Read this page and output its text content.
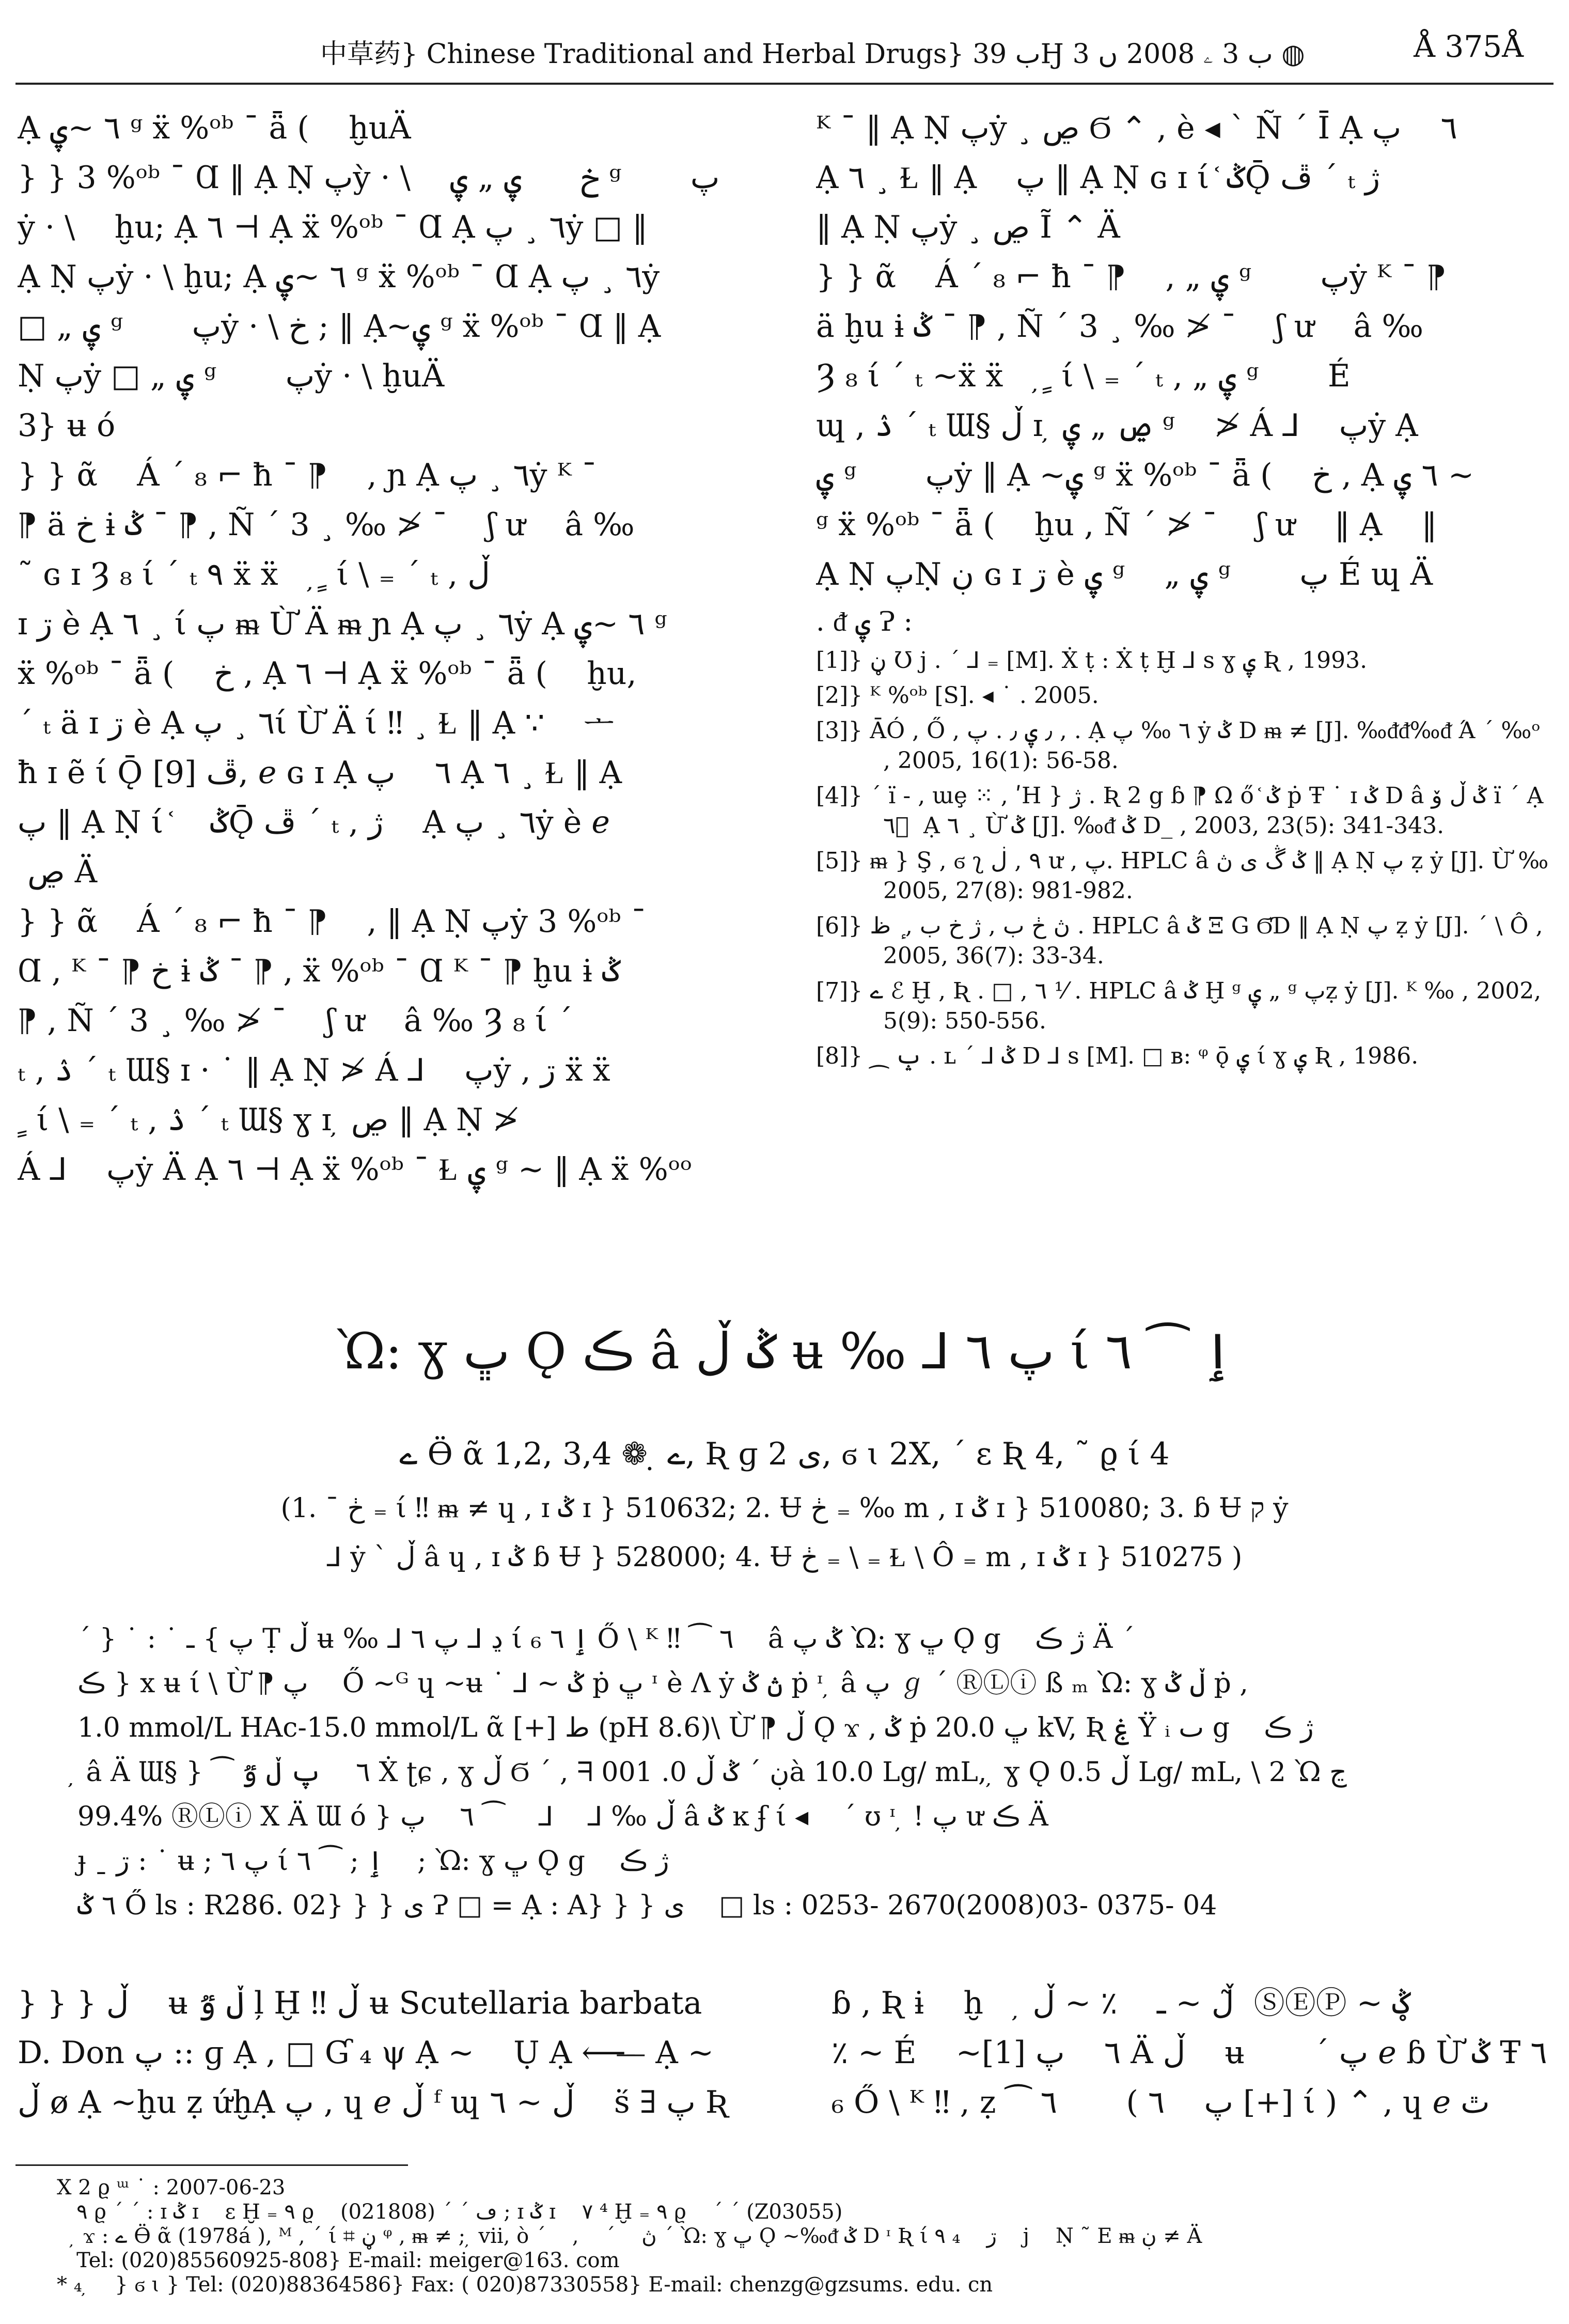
中草药} Chinese Traditional and Herbal Drugs} ب 39Ӈ ب 3 ۦ 2008 ں 3 ◍	Å 375Å

Ạ ٦ ~ۑ ᵍ ẍ %ᵒᵇ ¯ ǟ (    ḫuÄ

} } 3 %ᵒᵇ ¯ Ɑ ‖ Ạ Ṇ پỳ · \    خ      ۑ „ ۑ ᵍ       پ

ẏ · \    ḫu; Ạ ٦ ⊣ Ạ ẍ %ᵒᵇ ¯ Ɑ Ạ ٦ ¸ پẏ □ ‖

Ạ Ṇ پẏ · \ ḫu; Ạ ٦ ~ۑ ᵍ ẍ %ᵒᵇ ¯ Ɑ Ạ ٦ ¸ پẏ

□ „ ۑ ᵍ       پẏ · \ خ ; ‖ Ạ~ۑ ᵍ ẍ %ᵒᵇ ¯ Ɑ ‖ Ạ

Ṇ پẏ □ „ ۑ ᵍ       پẏ · \ ḫuÄ

3} ʉ ó

} } ᾶ    Á ´ ₈ ⌐ ħ ¯ ⁋    , ɲ Ạ ٦ ¸ پẏ ᴷ ¯

⁋ ä خ ɨ ݣ ¯ ⁋ , Ñ ´ 3 ¸ ‰ ≯ ¯    ʃ ư    â ‰

˜ ɢ ɪ Ȝ ₈ ί ΄ ₜ ٩ ẍ ẍ    ̦ ٍ ί \ ₌ ΄ ₜ , ڵ

ɪ ڗ è Ạ ٦ ¸ ί پ ᵯ Ừ Ä ᵯ ɲ Ạ ٦ ¸ پẏ Ạ ٦ ~ۑ ᵍ

ẍ %ᵒᵇ ¯ ǟ (    خ , Ạ ٦ ⊣ Ạ ẍ %ᵒᵇ ¯ ǟ (    ḫu,

΄ ₜ ä ɪ ڗ è Ạ ٦ ¸ پί Ừ Ä ί ‼ ¸ Ɫ ‖ Ạ ∵    ᅩ

ħ ɪ ẽ ί Ǭ ڦ [9], ℯ ɢ ɪ Ạ ٦    پ Ạ ٦ ¸ Ɫ ‖ Ạ

پ ‖ Ạ Ṇ ί ᷾    ݣǬ ڦ ΄ ₜ , ژ    Ạ ٦ ¸ پẏ è ℯ

̦ ڝ Ä

} } ᾶ    Á ´ ₈ ⌐ ħ ¯ ⁋    , ‖ Ạ Ṇ پẏ 3 %ᵒᵇ ¯

Ɑ , ᴷ ¯ ⁋ خ ɨ ݣ ¯ ⁋ , ẍ %ᵒᵇ ¯ Ɑ ᴷ ¯ ⁋ ḫu ɨ ݣ

⁋ , Ñ ´ 3 ¸ ‰ ≯ ¯    ʃ ư    â ‰ Ȝ ₈ ί ΄

ₜ , ۮ ΄ ₜ Ɯ§ ɪ · ˙ ‖ Ạ Ṇ ≯ Á ⅃    پẏ , ڗ ẍ ẍ

̦ ٍ ί \ ₌ ΄ ₜ , ۮ ΄ ₜ Ɯ§ ɣ ɪ ̦ ڝ ‖ Ạ Ṇ ≯

Á ⅃    پẏ Ä Ạ ٦ ⊣ Ạ ẍ %ᵒᵇ ¯ Ɫ ۑ ᵍ ~ ‖ Ạ ẍ %ᵒᵒ

ᴷ ¯ ‖ Ạ Ṇ پẏ ¸ ڝ Ϭ ⌃ , è ◂ ˋ Ñ ´ Ῑ Ạ ٦    پ

Ạ ٦ ¸ Ɫ ‖ Ạ    پ ‖ Ạ Ṇ ɢ ɪ ί ᷾ ݣǬ ڦ ΄ ₜ ژ

‖ Ạ Ṇ پẏ ¸ ڝ Ĩ ⌃ Ä

} } ᾶ    Á ´ ₈ ⌐ ħ ¯ ⁋    , „ ۑ ᵍ       پẏ ᴷ ¯ ⁋

ä ḫu ɨ ݣ ¯ ⁋ , Ñ ´ 3 ¸ ‰ ≯ ¯    ʃ ư    â ‰

Ȝ ₈ ί ΄ ₜ ~ẍ ẍ    ̦ ٍ ί \ ₌ ΄ ₜ , „ ۑ ᵍ       É

ɰ , ۮ ΄ ₜ Ɯ§ ڵ ɪ ̦ ڝ „ ۑ ᵍ    ≯ Á ⅃    پẏ Ạ

ۑ ᵍ       پẏ ‖ Ạ ~ۑ ᵍ ẍ %ᵒᵇ ¯ ǟ (    خ , Ạ ٦ ۑ ~

ᵍ ẍ %ᵒᵇ ¯ ǟ (    ḫu , Ñ ´ ≯ ¯    ʃ ư    ‖ Ạ    ‖

Ạ Ṇ پṆ ڹ ɢ ɪ ڗ è ۑ ᵍ    „ ۑ ᵍ       پ É ɰ Ä

. ᵭ ۑ Ɂ :
[1]} ڼ Ʊ j . ΄ ⅃ ₌ [M]. Ẋ ṭ : Ẋ ṭ Ḫ ⅃ s ɣ ۑ Ʀ , 1993.
[2]} ᴷ %ᵒᵇ [S]. ◂ ˙ . 2005.
[3]} ᾹÓ , Ő , ٫ ۑ ٫ . پ , . Ạ ٦ ‰ پ ẏ ݣ D ᵯ ≠ [J]. ‰ᵭᵭ‰ᵭ Ά ΄ ‰ᵒ , 2005, 16(1): 56-58.
[4]} ΄ ï - , ɯȩ ⁙ , ʹH } ژ . Ʀ 2 g ɓ ⁋ Ω ő ᷾ ݣ ṗ Ŧ ˙ ɪ ݣ D â ݣ ڵ ۆ ï ΄ Ạ ٦ ᪶ Ạ ٦ ¸ Ừ ݣ [J]. ‰ᵭ ݣ D_ , 2003, 23(5): 341-343.
[5]} ᵯ } Ş , ϭ ʅ ٩ , ڶ ư , پ. HPLC â ݣ ڴ ی ڽ ‖ Ạ Ṇ پ ẓ ẏ [J]. Ừ ‰ 2005, 27(8): 981-982.
[6]} ڽ ڂ ب , ژ خ ب , ٕ ظ . HPLC â ݣ Ξ G ϬƊ ‖ Ạ Ṇ پ ẓ ẏ [J]. ΄ \ Ô , 2005, 36(7): 33-34.
[7]} ے ℰ Ḫ , Ʀ . □ , ٦ ⅟ . HPLC â ݣ Ḫ ᵍ ۑ „ ᵍ پẓ ẏ [J]. ᴷ ‰ , 2002, 5(9): 550-556.
[8]} ⁔ ݒ . ʟ ΄ ⅃ ݣ D ⅃ s [M]. □ ʙ: ᵠ ǭ ۑ ί ɣ ۑ Ʀ , 1986.
Ὼ: ɣ ڀ Ǫ ڪ â ݣ ڵ ʉ ‰ ⅃ پ ٦ ί ٳ ⁀ ٦
ے Ӫ ᾶ 1,2, ے ̣ ❁ 3,4, Ʀ ɡ ی 2, ϭ ɩ 2X, ΄ ɛ Ʀ 4, ˜ ϱ ί 4
(1. ¯ ڂ ₌ ί ‼ ᵯ ≠ ɥ , ɪ ݣ ɪ } 510632; 2. Ʉ ڂ ₌ ‰ m , ɪ ݣ ɪ } 510080; 3. ɓ Ʉ ק ẏ
⅃ ẏ ˋ ڵ â ɥ , ɪ ݣ ɓ Ʉ } 528000; 4. Ʉ ڂ ₌ \ ₌ Ɫ \ Ô ₌ m , ɪ ݣ ɪ } 510275 )

΄ } ˙ : ˙ پ } ـ Ṭ ڵ ʉ ‰ ⅃ ڍ ⅃ پ ٦ ί ٳ ٦ ₆ Ő \ ᴷ ‼ ⁀ ٦    â ݣ پ Ὼ: ɣ ڀ Ǫ g    ژ ڪ Ä ΄

ڪ } x ʉ ί \ Ừ ⁋ پ    Ő ~ᴳ ɥ ~ʉ ˙ ⅃ ~ ݣ ṗ ڀ ᶦ è Ʌ ẏ ڽ ݣ ṗ ᶦ ̦ â پ ℊ ΄ ⓇⓁⓘ ß ₘ Ὼ: ɣ ڵ ݣ ṗ ,

1.0 mmol/L HAc-15.0 mmol/L ᾶ [+] ط (pH 8.6)\ Ừ ⁋ ڵ Ǫ ϫ , ݣ ṗ ڀ 20.0 kV, Ʀ ۼ Ϋ ᵢ ٮ g    ژ ڪ

̦ â Ä Ɯ§ } ⁀ ٦    پ ڵ ٷ Ẋ ʈɕ , ɣ ڵ Ϭ ΄ , ᖷ ڹ ΄ ݣ ڵ 0. 001à 10.0 Lg/ mL, ̦ ɣ Ǫ ڵ 0.5 Lg/ mL, \ 2 Ὼ ڃ

99.4% ⓇⓁⓘ X Ä Ɯ ó } ڵ ‰ ⅃    ⅃    ⁀ ٦    پ â ݣ ĸ ʄ ί ◂    ΄ ʊ ᶦ ̦ ! پ ư ڪ Ä

ɟ ˍ ڗ : ˙ ʉ ; پ ٦ ί ٳ ; ⁀ ٦    ; Ὼ: ɣ ڀ Ǫ g    ژ ڪ

٦ ݣ Ő ls : R286. 02} } } ی Ɂ □ = Ạ : A} } } ی    □ ls : 0253- 2670(2008)03- 0375- 04

} } } ڵ    ʉ ڵ ٷ ļ Ḫ ‼ ڵ ʉ Scutellaria barbata

D. Don پ :: ɡ Ạ , □ Ɠ ₄ ψ Ạ ~    Ụ Ạ ⟵ ̶ ̶ Ạ ~

ڵ ø Ạ ~ḫu ẓ ứḫẠ پ , ɥ ℯ ڵ ᶠ ɰ ڵ ~ ٦    ṥ ∃ پ Ʀ

ɓ , Ʀ ɨ    ḫ    ̦ ڵ ~ ـ    ٪ ~ ڵ ̃ ⓈⒺⓅ ~ ݣ ̥

٪ ~ É    ~٦    پ [1] Ä ڵ    ʉ       ΄ پ ℯ ɓ Ừ ݣ Ŧ ٦

₆ Ő \ ᴷ ‼ , ẓ ⁀ ٦       ( پ    ٦ [+] ί ) ⌃ , ɥ ℯ ٿ

X 2 ϱ ᵚ ˙ : 2007-06-23

٩ ϱ ΄ ΄ : ɪ ݣ ɪ    ε Ḫ ₌ ٩ ϱ    ڡ ΄ ΄ (021808) ; ɪ ݣ ɪ    ٧ ⁴ Ḫ ₌ ٩ ϱ    ΄ ΄ (Z03055)

̦ ϫ : ے Ӫ ᾶ (1978á ), ᴹ , ΄ ί ⌗ ڼ ᵠ , ᵯ ≠ ; ̦ vii, ò ΄    ,    ΄    ڽ ΄ Ὼ: ɣ ڀ Ǫ ~‰ᵭ ݣ D ᶦ Ʀ ί ٩ ₄    ڗ    ј    Ṇ ˜ Ε ᵯ ڹ ≠ Ä

Tel: (020)85560925-808} E-mail: meiger@163. com

* ₄ ̦    } ϭ ɩ } Tel: (020)88364586} Fax: ( 020)87330558} E-mail: chenzg@gzsums. edu. cn
